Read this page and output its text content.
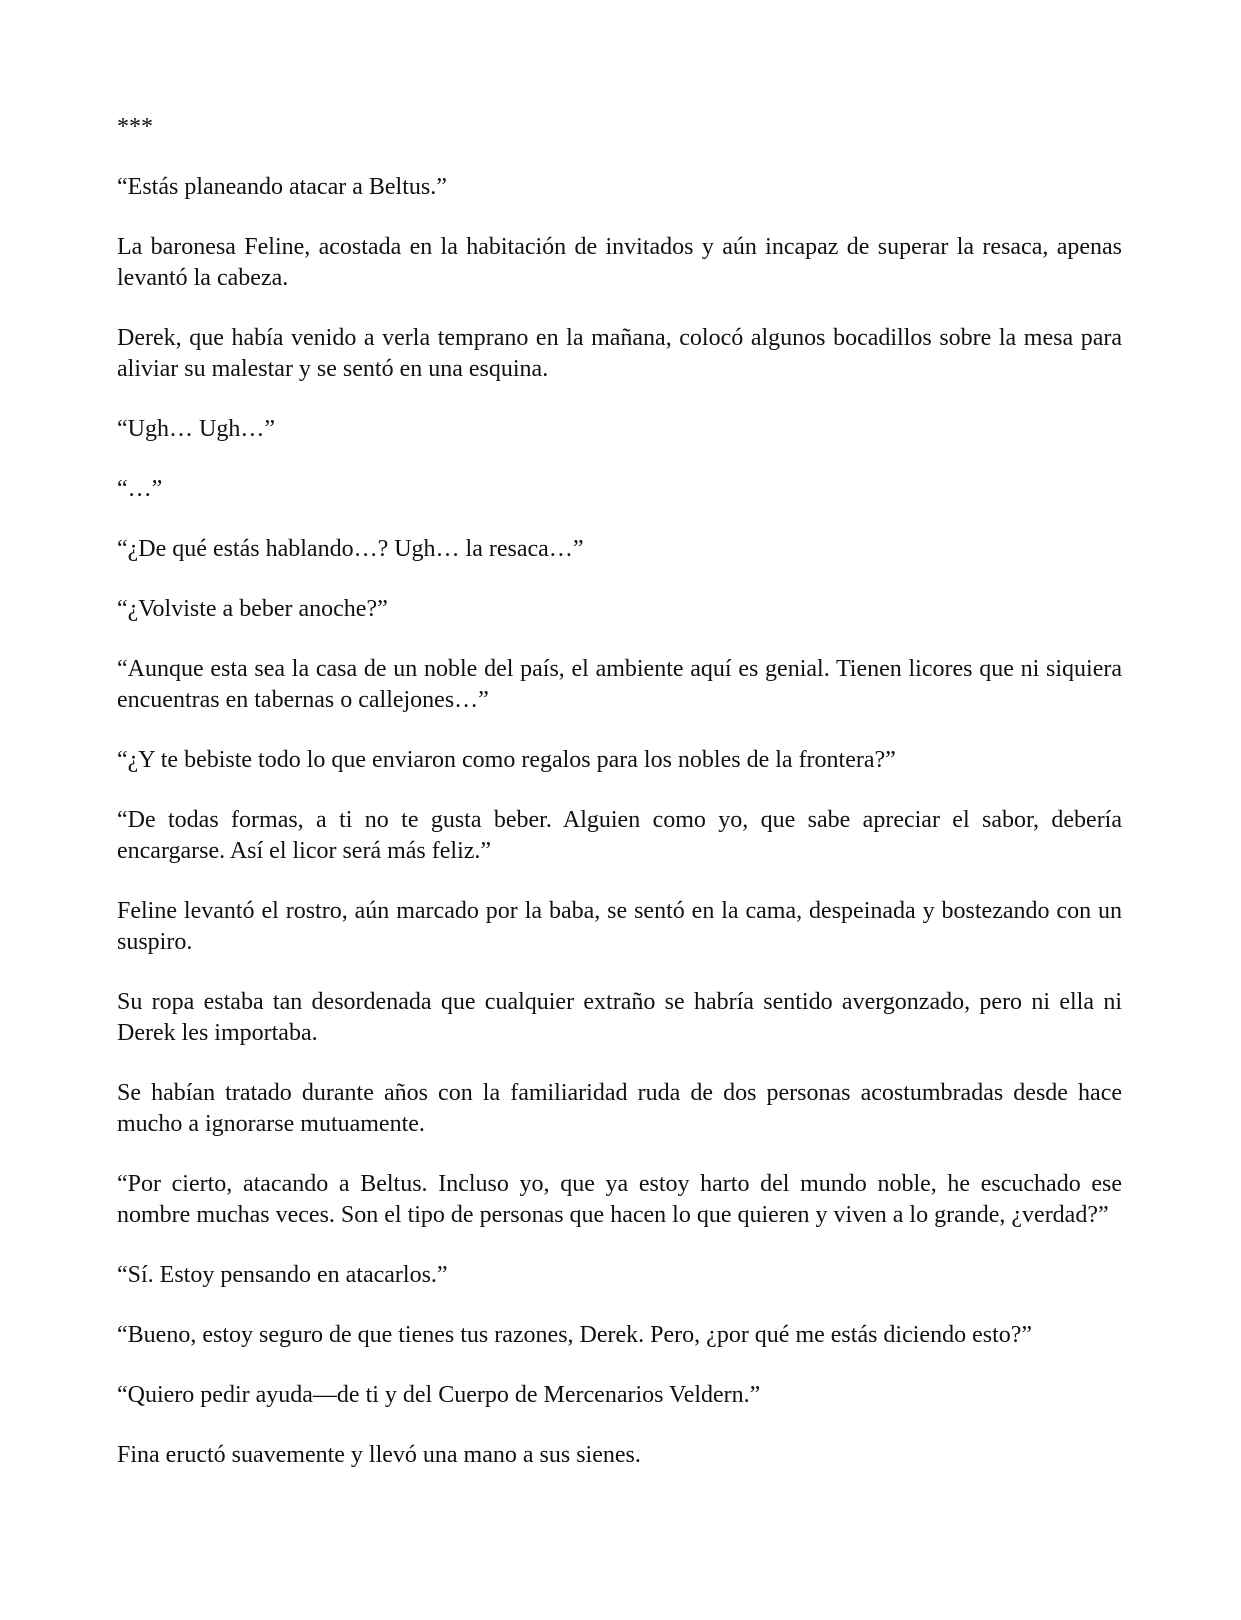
***

“Estás planeando atacar a Beltus.”

La baronesa Feline, acostada en la habitación de invitados y aún incapaz de superar la resaca, apenas levantó la cabeza.

Derek, que había venido a verla temprano en la mañana, colocó algunos bocadillos sobre la mesa para aliviar su malestar y se sentó en una esquina.

“Ugh… Ugh…”

“…”

“¿De qué estás hablando…? Ugh… la resaca…”

“¿Volviste a beber anoche?”

“Aunque esta sea la casa de un noble del país, el ambiente aquí es genial. Tienen licores que ni siquiera encuentras en tabernas o callejones…”

“¿Y te bebiste todo lo que enviaron como regalos para los nobles de la frontera?”

“De todas formas, a ti no te gusta beber. Alguien como yo, que sabe apreciar el sabor, debería encargarse. Así el licor será más feliz.”

Feline levantó el rostro, aún marcado por la baba, se sentó en la cama, despeinada y bostezando con un suspiro.

Su ropa estaba tan desordenada que cualquier extraño se habría sentido avergonzado, pero ni ella ni Derek les importaba.

Se habían tratado durante años con la familiaridad ruda de dos personas acostumbradas desde hace mucho a ignorarse mutuamente.

“Por cierto, atacando a Beltus. Incluso yo, que ya estoy harto del mundo noble, he escuchado ese nombre muchas veces. Son el tipo de personas que hacen lo que quieren y viven a lo grande, ¿verdad?”

“Sí. Estoy pensando en atacarlos.”

“Bueno, estoy seguro de que tienes tus razones, Derek. Pero, ¿por qué me estás diciendo esto?”

“Quiero pedir ayuda—de ti y del Cuerpo de Mercenarios Veldern.”

Fina eructó suavemente y llevó una mano a sus sienes.
